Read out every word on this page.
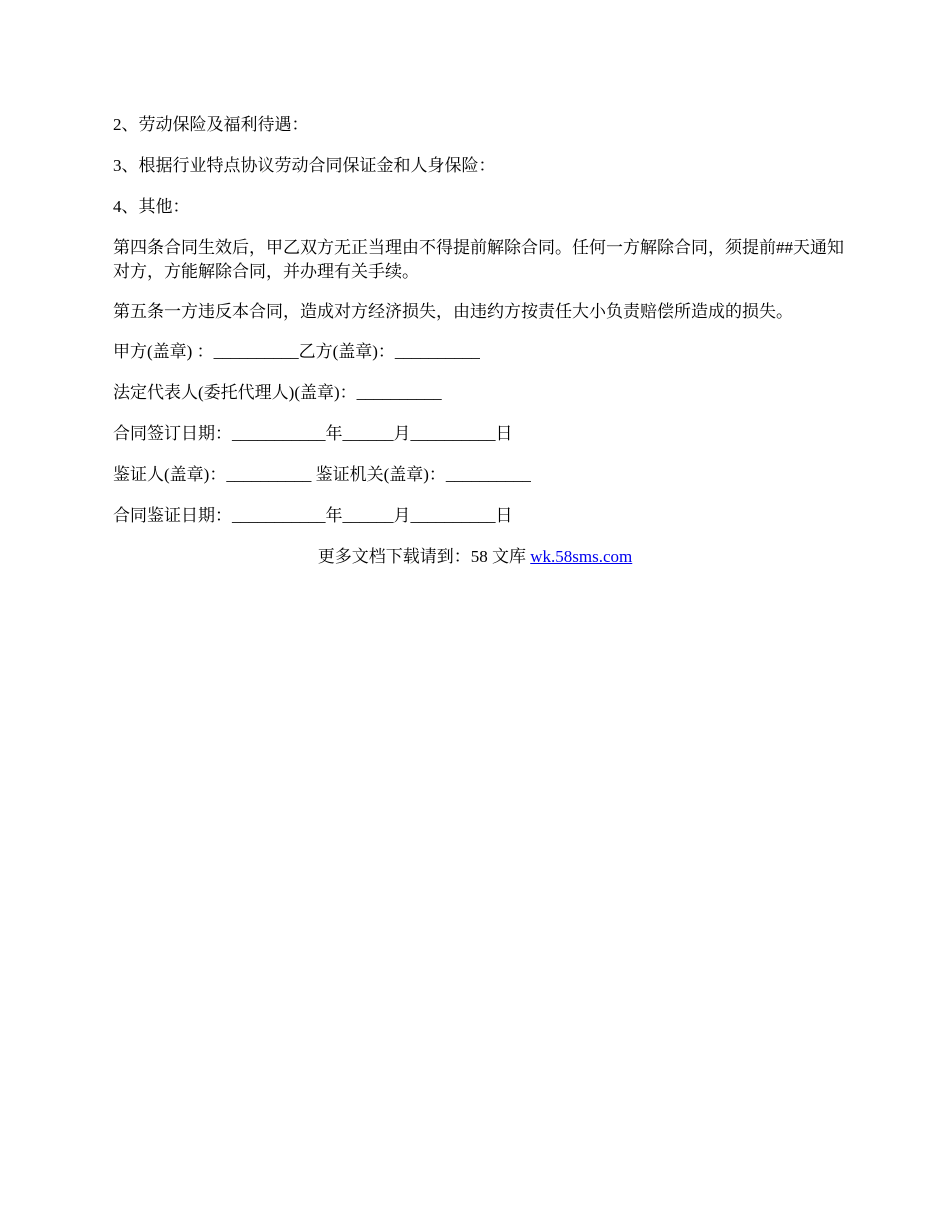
2、劳动保险及福利待遇：
3、根据行业特点协议劳动合同保证金和人身保险：
4、其他：
第四条合同生效后，甲乙双方无正当理由不得提前解除合同。任何一方解除合同，须提前##天通知对方，方能解除合同，并办理有关手续。
第五条一方违反本合同，造成对方经济损失，由违约方按责任大小负责赔偿所造成的损失。
甲方(盖章) ：__________乙方(盖章)：__________
法定代表人(委托代理人)(盖章)：__________
合同签订日期：___________年______月__________日
鉴证人(盖章)：__________ 鉴证机关(盖章)：__________
合同鉴证日期：___________年______月__________日
更多文档下载请到：58 文库 wk.58sms.com
